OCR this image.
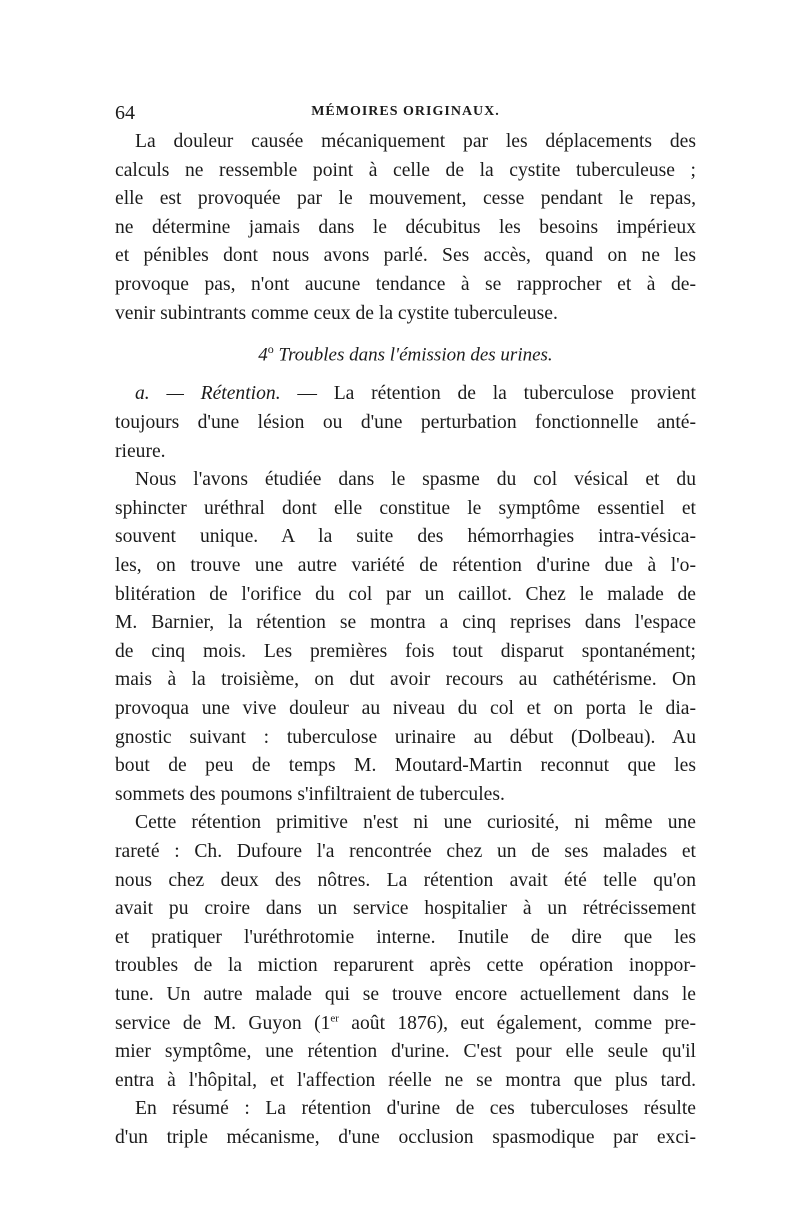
64	MÉMOIRES ORIGINAUX.
La douleur causée mécaniquement par les déplacements des
calculs ne ressemble point à celle de la cystite tuberculeuse ;
elle est provoquée par le mouvement, cesse pendant le repas,
ne détermine jamais dans le décubitus les besoins impérieux
et pénibles dont nous avons parlé. Ses accès, quand on ne les
provoque pas, n'ont aucune tendance à se rapprocher et à de-
venir subintrants comme ceux de la cystite tuberculeuse.
4$^o$ Troubles dans l'émission des urines.
a. — Rétention. — La rétention de la tuberculose provient
toujours d'une lésion ou d'une perturbation fonctionnelle anté-
rieure.
Nous l'avons étudiée dans le spasme du col vésical et du
sphincter uréthral dont elle constitue le symptôme essentiel et
souvent unique. A la suite des hémorrhagies intra-vésica-
les, on trouve une autre variété de rétention d'urine due à l'o-
blitération de l'orifice du col par un caillot. Chez le malade de
M. Barnier, la rétention se montra a cinq reprises dans l'espace
de cinq mois. Les premières fois tout disparut spontanément;
mais à la troisième, on dut avoir recours au cathétérisme. On
provoqua une vive douleur au niveau du col et on porta le dia-
gnostic suivant : tuberculose urinaire au début (Dolbeau). Au
bout de peu de temps M. Moutard-Martin reconnut que les
sommets des poumons s'infiltraient de tubercules.
Cette rétention primitive n'est ni une curiosité, ni même une
rareté : Ch. Dufoure l'a rencontrée chez un de ses malades et
nous chez deux des nôtres. La rétention avait été telle qu'on
avait pu croire dans un service hospitalier à un rétrécissement
et pratiquer l'uréthrotomie interne. Inutile de dire que les
troubles de la miction reparurent après cette opération inoppor-
tune. Un autre malade qui se trouve encore actuellement dans le
service de M. Guyon (1er août 1876), eut également, comme pre-
mier symptôme, une rétention d'urine. C'est pour elle seule qu'il
entra à l'hôpital, et l'affection réelle ne se montra que plus tard.
En résumé : La rétention d'urine de ces tuberculoses résulte
d'un triple mécanisme, d'une occlusion spasmodique par exci-
